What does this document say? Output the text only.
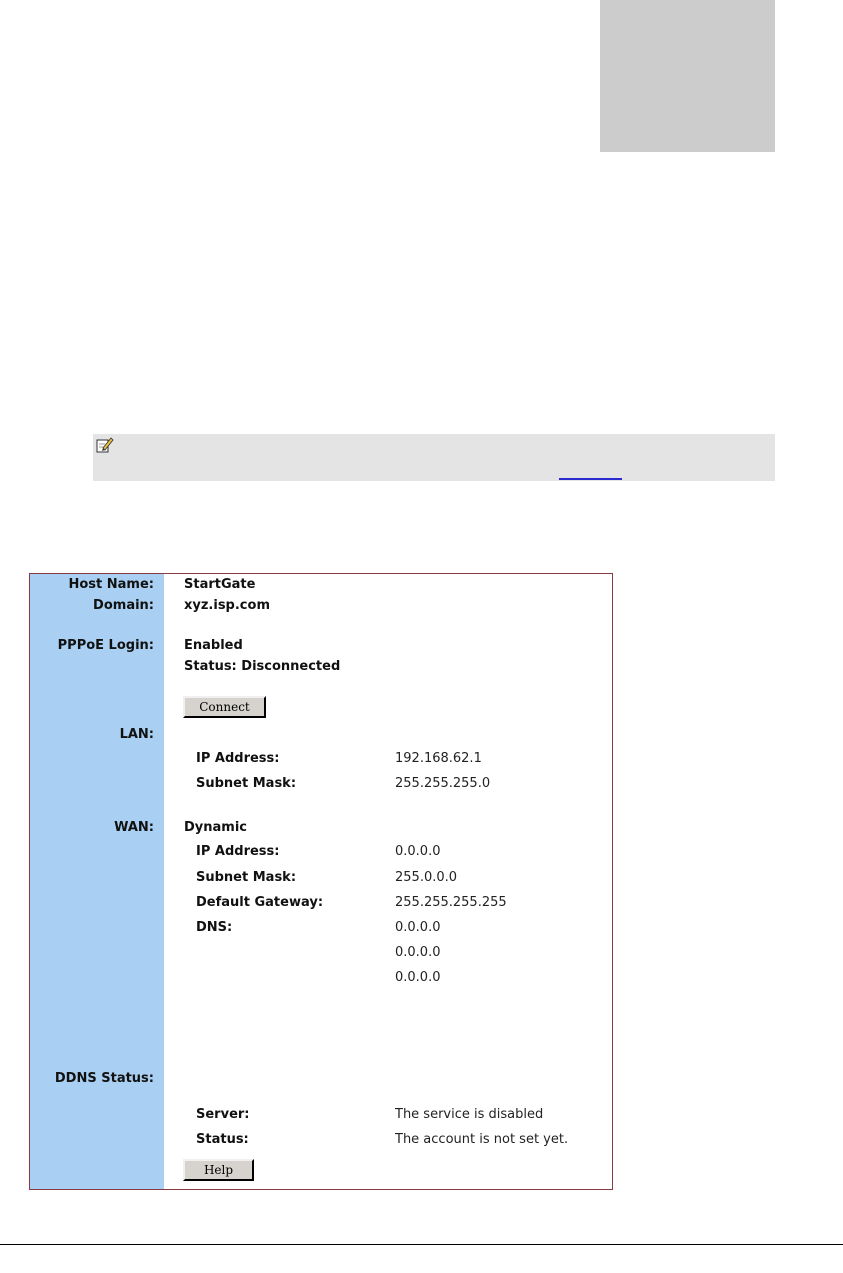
Host Name: StartGate
Domain: xyz.isp.com
PPPoE Login: Enabled
Status: Disconnected
Connect
LAN:
IP Address:	192.168.62.1
Subnet Mask:	255.255.255.0
WAN: Dynamic
IP Address:	0.0.0.0
Subnet Mask:	255.0.0.0
Default Gateway:	255.255.255.255
DNS:	0.0.0.0
0.0.0.0
0.0.0.0
DDNS Status:
Server:	The service is disabled
Status:	The account is not set yet.
Help
